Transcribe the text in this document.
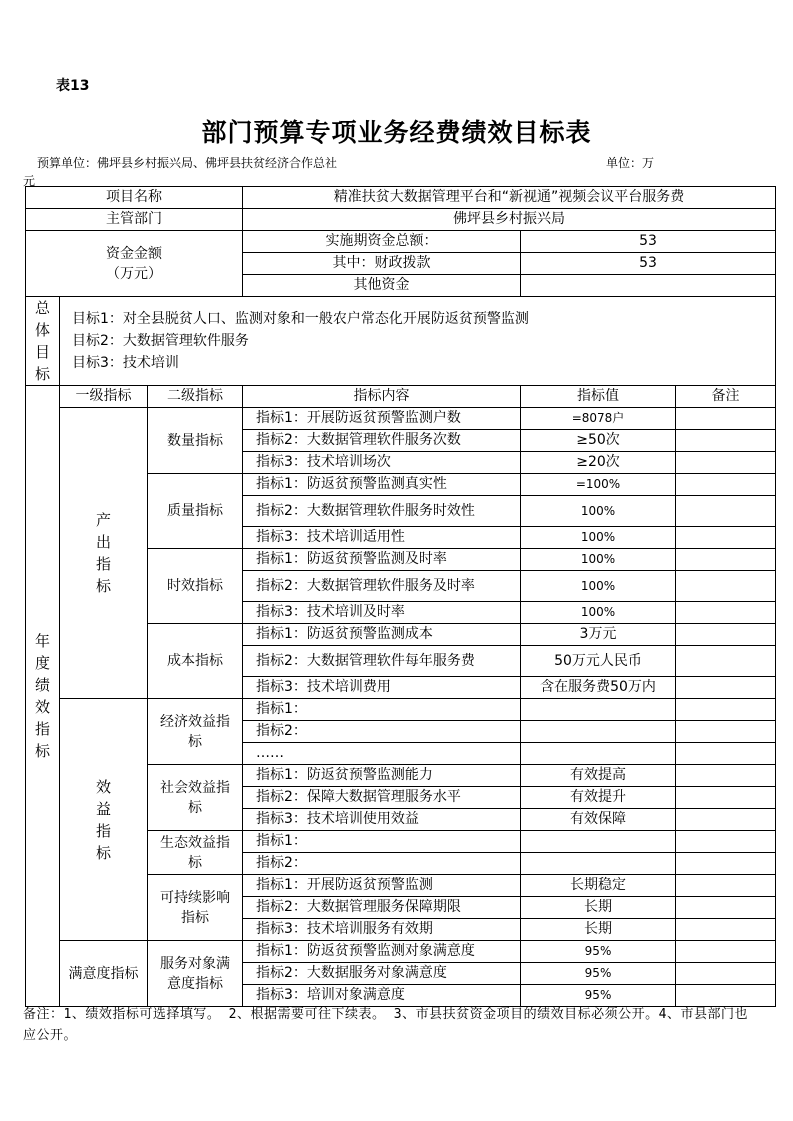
表13
部门预算专项业务经费绩效目标表
预算单位：佛坪县乡村振兴局、佛坪县扶贫经济合作总社	单位：万
元
项目名称			精准扶贫大数据管理平台和“新视通”视频会议平台服务费		
主管部门			佛坪县乡村振兴局		

资金金额
（万元）			实施期资金总额：	53	
			其中：财政拨款	53	
			其他资金		
总体目标	目标1：对全县脱贫人口、监测对象和一般农户常态化开展防返贫预警监测
目标2：大数据管理软件服务
目标3：技术培训				

年度绩效指标	一级指标	二级指标	指标内容	指标值	备注
	产出指标	数量指标	指标1：开展防返贫预警监测户数	=8078户	
			指标2：大数据管理软件服务次数	≥50次	
			指标3：技术培训场次	≥20次	
		质量指标	指标1：防返贫预警监测真实性	=100%	
			指标2：大数据管理软件服务时效性	100%	
			指标3：技术培训适用性	100%	
		时效指标	指标1：防返贫预警监测及时率	100%	
			指标2：大数据管理软件服务及时率	100%	
			指标3：技术培训及时率	100%	
		成本指标	指标1：防返贫预警监测成本	3万元	
			指标2：大数据管理软件每年服务费	50万元人民币	
			指标3：技术培训费用	含在服务费50万内	
	效益指标	经济效益指标	指标1：		
			指标2：		
			……		
		社会效益指标	指标1：防返贫预警监测能力	有效提高	
			指标2：保障大数据管理服务水平	有效提升	
			指标3：技术培训使用效益	有效保障	
		生态效益指标	指标1：		
			指标2：		
		可持续影响指标	指标1：开展防返贫预警监测	长期稳定	
			指标2：大数据管理服务保障期限	长期	
			指标3：技术培训服务有效期	长期	
	满意度指标	服务对象满意度指标	指标1：防返贫预警监测对象满意度	95%	
			指标2：大数据服务对象满意度	95%	
			指标3：培训对象满意度	95%	
备注：1、绩效指标可选择填写。 2、根据需要可往下续表。 3、市县扶贫资金项目的绩效目标必须公开。4、市县部门也应公开。
